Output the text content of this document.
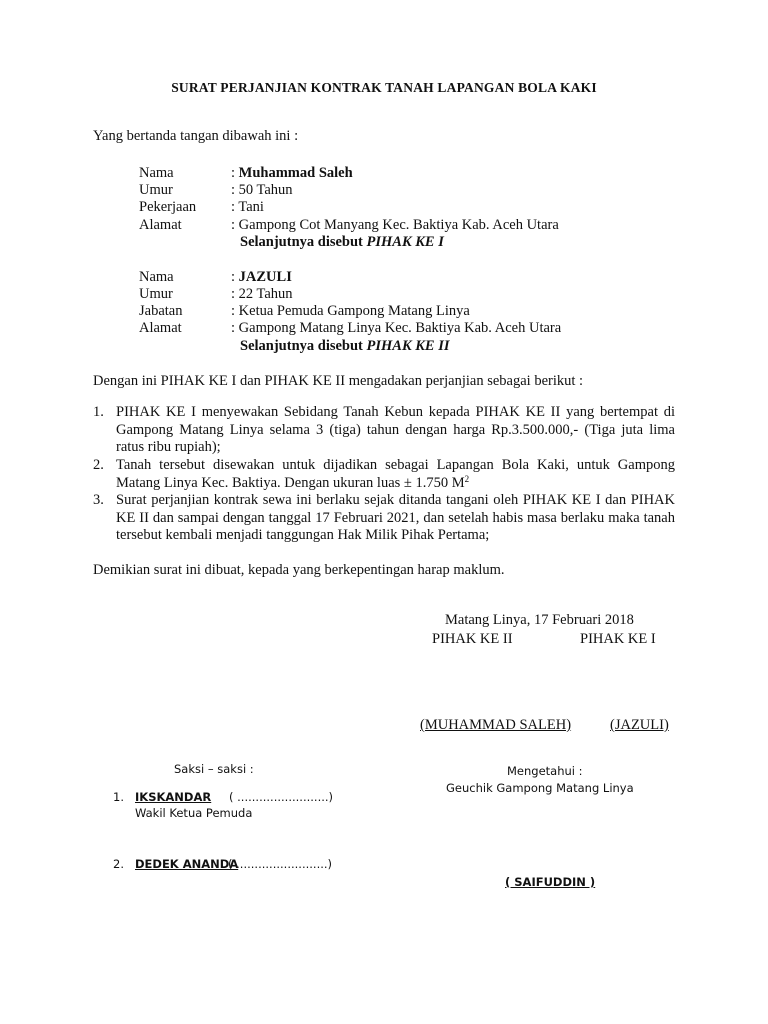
SURAT PERJANJIAN KONTRAK TANAH LAPANGAN BOLA KAKI
Yang bertanda tangan dibawah ini :
Nama	: Muhammad Saleh
Umur	: 50 Tahun
Pekerjaan : Tani
Alamat	: Gampong Cot Manyang Kec. Baktiya Kab. Aceh Utara
Selanjutnya disebut PIHAK KE I
Nama	: JAZULI
Umur	: 22 Tahun
Jabatan	: Ketua Pemuda Gampong Matang Linya
Alamat	: Gampong Matang Linya Kec. Baktiya Kab. Aceh Utara
Selanjutnya disebut PIHAK KE II
Dengan ini PIHAK KE I dan PIHAK KE II mengadakan perjanjian sebagai berikut :
1. PIHAK KE I menyewakan Sebidang Tanah Kebun kepada PIHAK KE II yang bertempat di Gampong Matang Linya selama 3 (tiga) tahun dengan harga Rp.3.500.000,- (Tiga juta lima ratus ribu rupiah);
2. Tanah tersebut disewakan untuk dijadikan sebagai Lapangan Bola Kaki, untuk Gampong Matang Linya Kec. Baktiya. Dengan ukuran luas ± 1.750 $M^2$
3. Surat perjanjian kontrak sewa ini berlaku sejak ditanda tangani oleh PIHAK KE I dan PIHAK KE II dan sampai dengan tanggal 17 Februari 2021, dan setelah habis masa berlaku maka tanah tersebut kembali menjadi tanggungan Hak Milik Pihak Pertama;
Demikian surat ini dibuat, kepada yang berkepentingan harap maklum.
Matang Linya, 17 Februari 2018
PIHAK KE II	PIHAK KE I
(MUHAMMAD SALEH)	(JAZULI)
Saksi – saksi :
1. IKSKANDAR ( .........................)
Wakil Ketua Pemuda
2. DEDEK ANANDA
( .........................)
Mengetahui :
Geuchik Gampong Matang Linya
( SAIFUDDIN )
